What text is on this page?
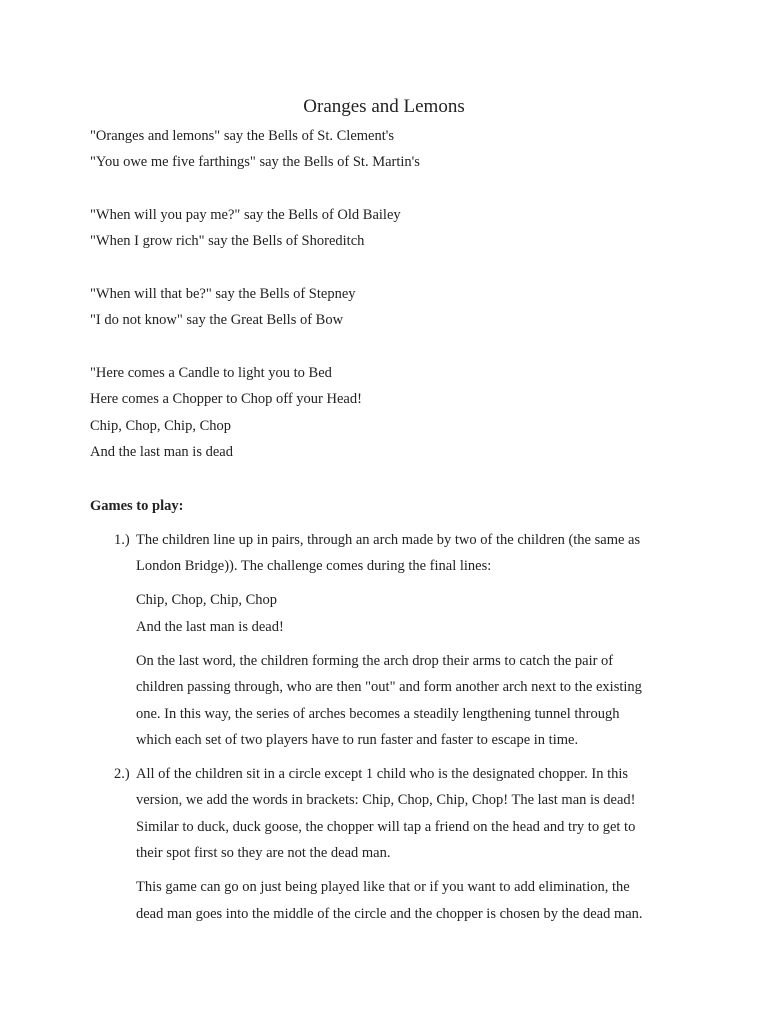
Oranges and Lemons
"Oranges and lemons" say the Bells of St. Clement's
"You owe me five farthings" say the Bells of St. Martin's
"When will you pay me?" say the Bells of Old Bailey
"When I grow rich" say the Bells of Shoreditch
"When will that be?" say the Bells of Stepney
"I do not know" say the Great Bells of Bow
"Here comes a Candle to light you to Bed
Here comes a Chopper to Chop off your Head!
Chip, Chop, Chip, Chop
And the last man is dead
Games to play:
1.) The children line up in pairs, through an arch made by two of the children (the same as
London Bridge)). The challenge comes during the final lines:
Chip, Chop, Chip, Chop
And the last man is dead!
On the last word, the children forming the arch drop their arms to catch the pair of
children passing through, who are then "out" and form another arch next to the existing
one. In this way, the series of arches becomes a steadily lengthening tunnel through
which each set of two players have to run faster and faster to escape in time.
2.) All of the children sit in a circle except 1 child who is the designated chopper. In this
version, we add the words in brackets: Chip, Chop, Chip, Chop! The last man is dead!
Similar to duck, duck goose, the chopper will tap a friend on the head and try to get to
their spot first so they are not the dead man.
This game can go on just being played like that or if you want to add elimination, the
dead man goes into the middle of the circle and the chopper is chosen by the dead man.
